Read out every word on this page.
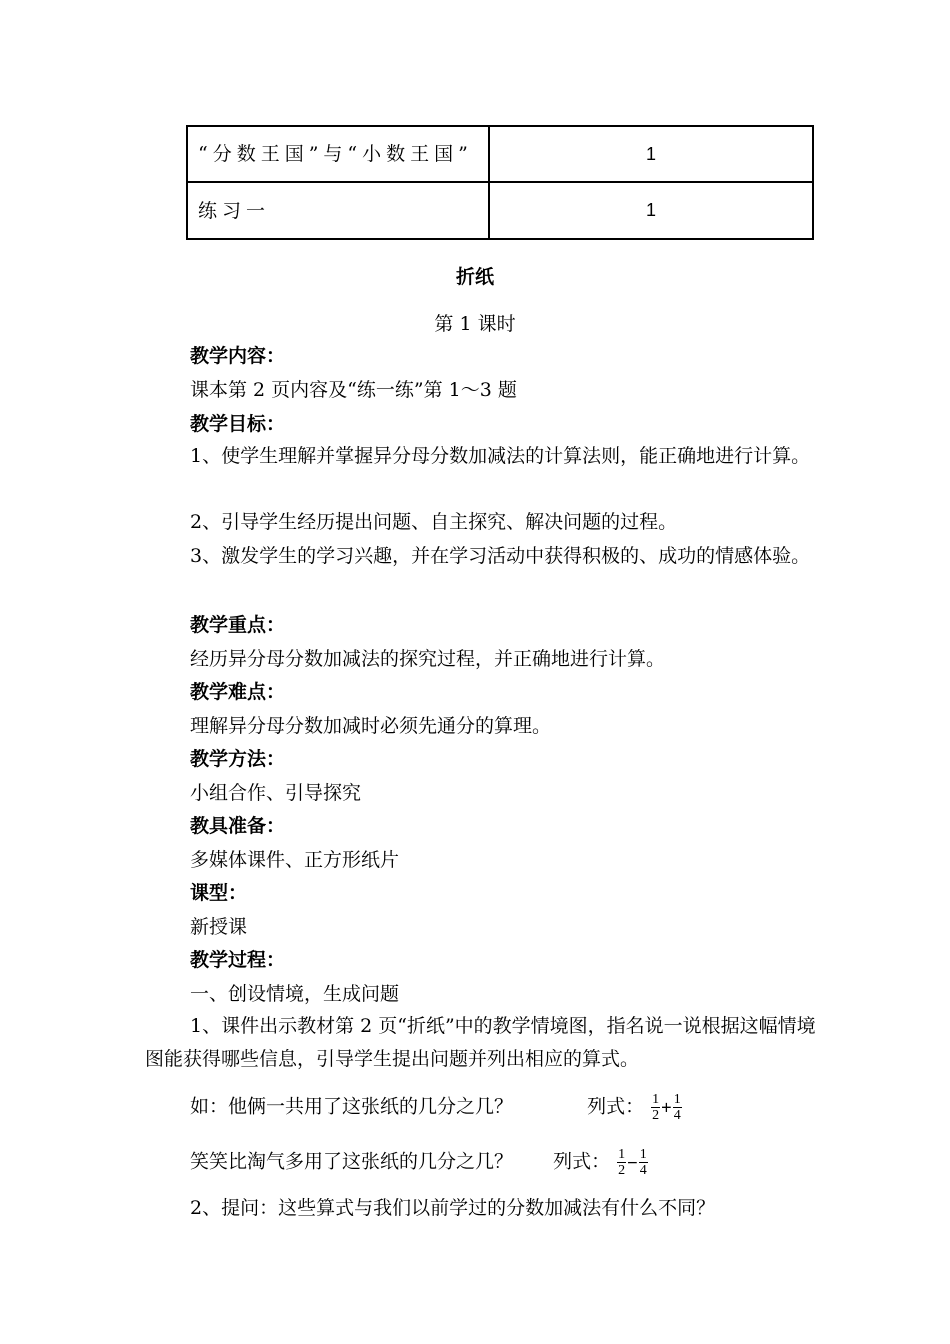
“分数王国”与“小数王国”	1
练习一	1
折纸
第 1 课时
教学内容：
课本第 2 页内容及“练一练”第 1～3 题
教学目标：
1、使学生理解并掌握异分母分数加减法的计算法则，能正确地进行计算。
2、引导学生经历提出问题、自主探究、解决问题的过程。
3、激发学生的学习兴趣，并在学习活动中获得积极的、成功的情感体验。
教学重点：
经历异分母分数加减法的探究过程，并正确地进行计算。
教学难点：
理解异分母分数加减时必须先通分的算理。
教学方法：
小组合作、引导探究
教具准备：
多媒体课件、正方形纸片
课型：
新授课
教学过程：
一、创设情境，生成问题
1、课件出示教材第 2 页“折纸”中的教学情境图，指名说一说根据这幅情境图能获得哪些信息，引导学生提出问题并列出相应的算式。
如：他俩一共用了这张纸的几分之几？	列式： $\frac{1}{2} + \frac{1}{4}$
笑笑比淘气多用了这张纸的几分之几？ 列式： $\frac{1}{2} - \frac{1}{4}$
2、提问：这些算式与我们以前学过的分数加减法有什么不同？
